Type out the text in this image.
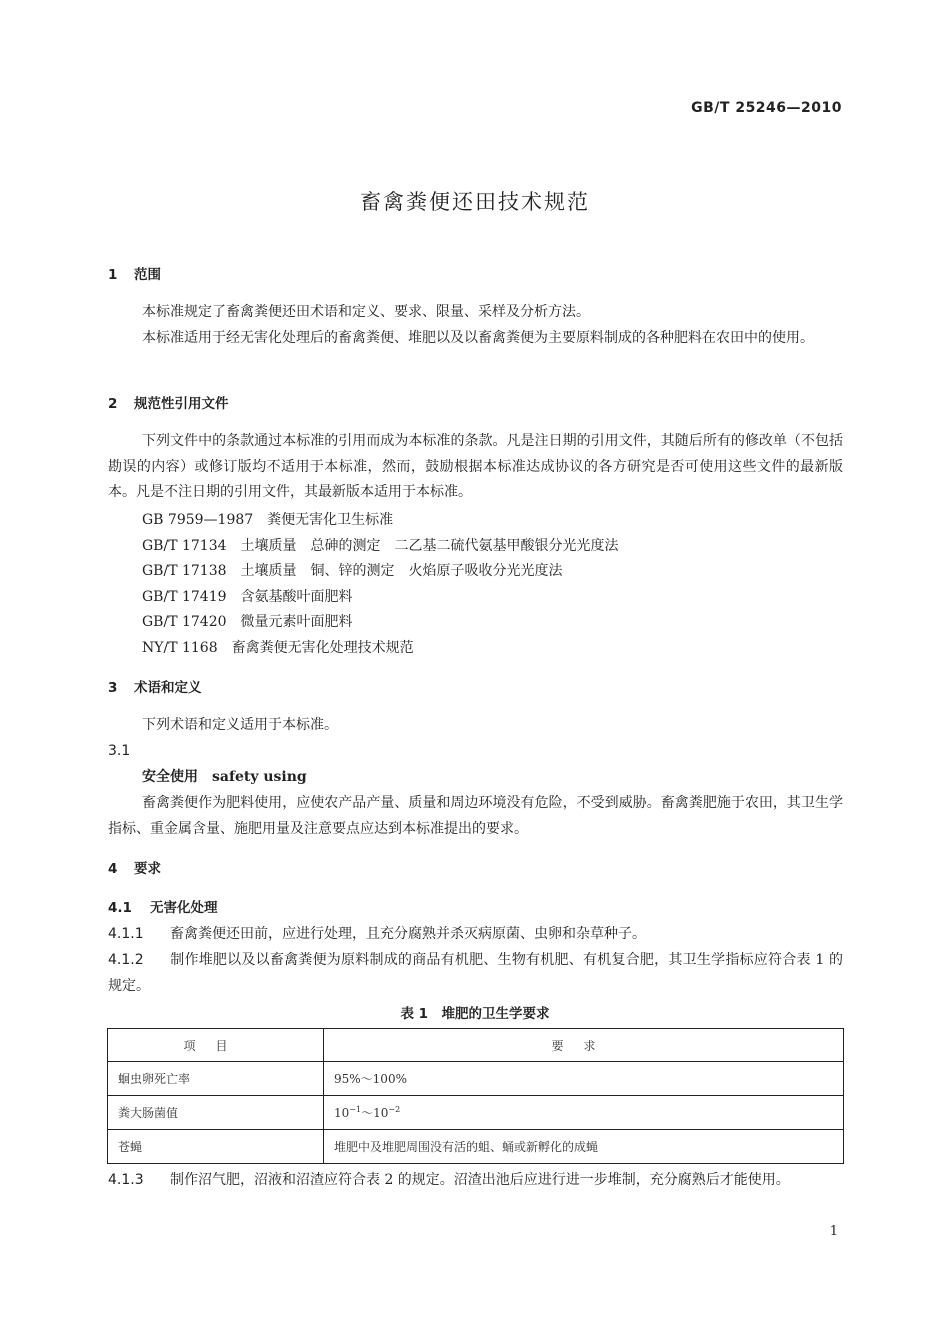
GB/T 25246—2010
畜禽粪便还田技术规范
1 范围
本标准规定了畜禽粪便还田术语和定义、要求、限量、采样及分析方法。
本标准适用于经无害化处理后的畜禽粪便、堆肥以及以畜禽粪便为主要原料制成的各种肥料在农田中的使用。
2 规范性引用文件
下列文件中的条款通过本标准的引用而成为本标准的条款。凡是注日期的引用文件，其随后所有的修改单（不包括勘误的内容）或修订版均不适用于本标准，然而，鼓励根据本标准达成协议的各方研究是否可使用这些文件的最新版本。凡是不注日期的引用文件，其最新版本适用于本标准。
GB 7959—1987　粪便无害化卫生标准
GB/T 17134　土壤质量　总砷的测定　二乙基二硫代氨基甲酸银分光光度法
GB/T 17138　土壤质量　铜、锌的测定　火焰原子吸收分光光度法
GB/T 17419　含氨基酸叶面肥料
GB/T 17420　微量元素叶面肥料
NY/T 1168　畜禽粪便无害化处理技术规范
3 术语和定义
下列术语和定义适用于本标准。
3.1
安全使用　safety using
畜禽粪便作为肥料使用，应使农产品产量、质量和周边环境没有危险，不受到威胁。畜禽粪肥施于农田，其卫生学指标、重金属含量、施肥用量及注意要点应达到本标准提出的要求。
4 要求
4.1 无害化处理
4.1.1 畜禽粪便还田前，应进行处理，且充分腐熟并杀灭病原菌、虫卵和杂草种子。
4.1.2 制作堆肥以及以畜禽粪便为原料制成的商品有机肥、生物有机肥、有机复合肥，其卫生学指标应符合表 1 的规定。
4.1.3 制作沼气肥，沼液和沼渣应符合表 2 的规定。沼渣出池后应进行进一步堆制，充分腐熟后才能使用。
表 1　堆肥的卫生学要求
项目	要求
蛔虫卵死亡率	95%～100%
粪大肠菌值	$10^{-1}\sim 10^{-2}$
苍蝇	堆肥中及堆肥周围没有活的蛆、蛹或新孵化的成蝇
1
